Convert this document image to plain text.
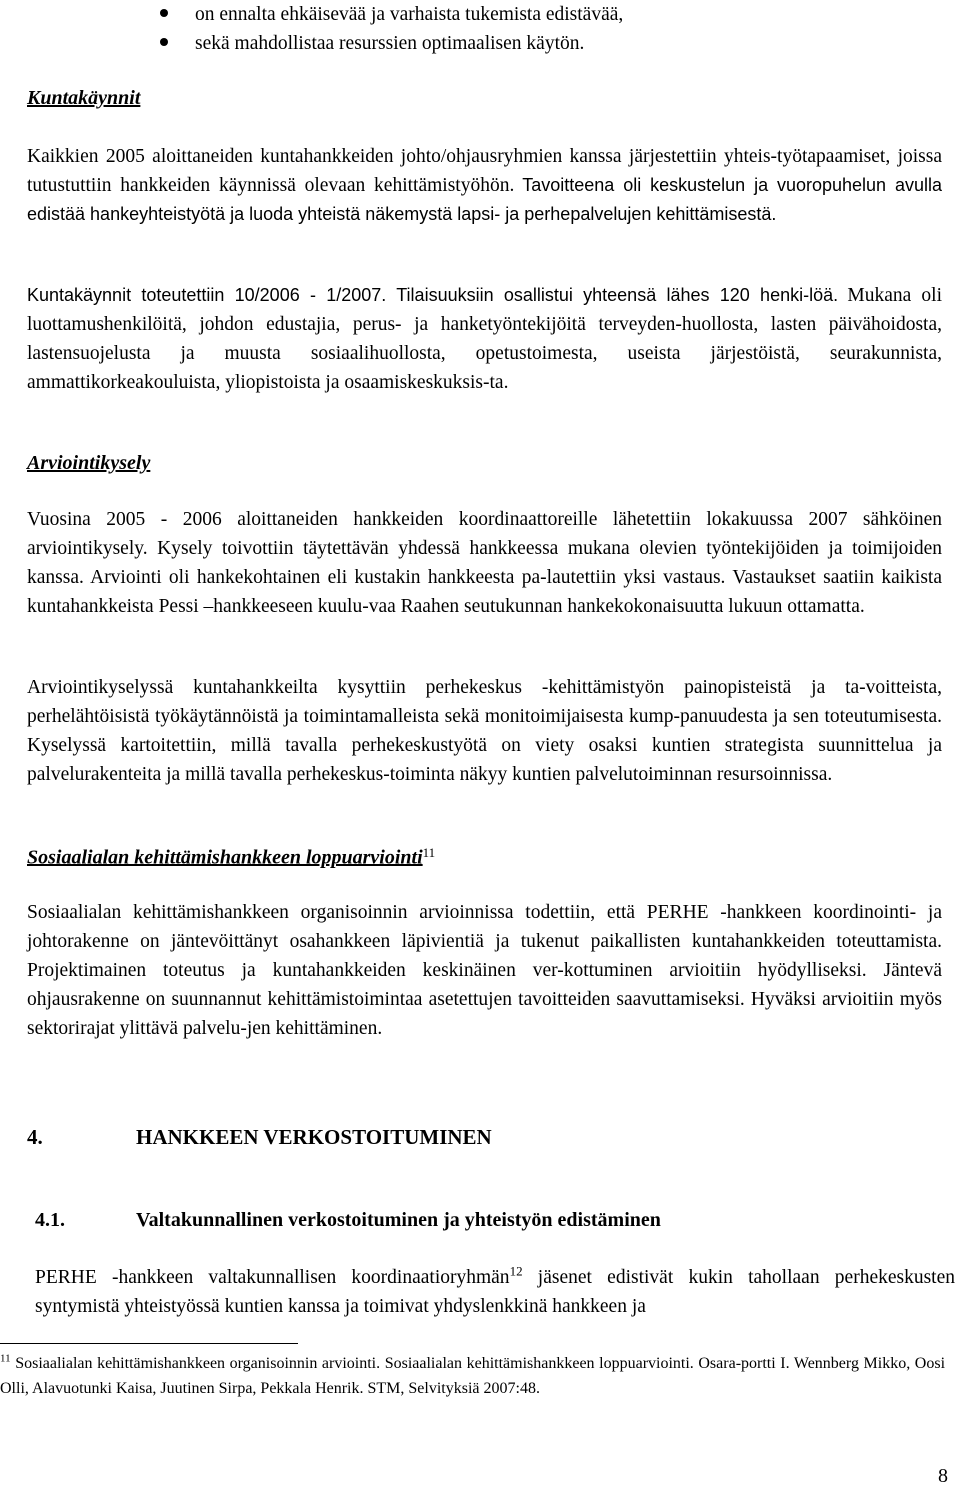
on ennalta ehkäisevää ja varhaista tukemista edistävää,
sekä mahdollistaa resurssien optimaalisen käytön.
Kuntakäynnit

Kaikkien 2005 aloittaneiden kuntahankkeiden johto/ohjausryhmien kanssa järjestettiin yhteis-työtapaamiset, joissa tutustuttiin hankkeiden käynnissä olevaan kehittämistyöhön. Tavoitteena oli keskustelun ja vuoropuhelun avulla edistää hankeyhteistyötä ja luoda yhteistä näkemystä lapsi- ja perhepalvelujen kehittämisestä.

Kuntakäynnit toteutettiin 10/2006 - 1/2007. Tilaisuuksiin osallistui yhteensä lähes 120 henki-löä. Mukana oli luottamushenkilöitä, johdon edustajia, perus- ja hanketyöntekijöitä terveyden-huollosta, lasten päivähoidosta, lastensuojelusta ja muusta sosiaalihuollosta, opetustoimesta, useista järjestöistä, seurakunnista, ammattikorkeakouluista, yliopistoista ja osaamiskeskuksis-ta.

Arviointikysely

Vuosina 2005 - 2006 aloittaneiden hankkeiden koordinaattoreille lähetettiin lokakuussa 2007 sähköinen arviointikysely. Kysely toivottiin täytettävän yhdessä hankkeessa mukana olevien työntekijöiden ja toimijoiden kanssa. Arviointi oli hankekohtainen eli kustakin hankkeesta pa-lautettiin yksi vastaus. Vastaukset saatiin kaikista kuntahankkeista Pessi –hankkeeseen kuulu-vaa Raahen seutukunnan hankekokonaisuutta lukuun ottamatta.

Arviointikyselyssä kuntahankkeilta kysyttiin perhekeskus -kehittämistyön painopisteistä ja ta-voitteista, perhelähtöisistä työkäytännöistä ja toimintamalleista sekä monitoimijaisesta kump-panuudesta ja sen toteutumisesta. Kyselyssä kartoitettiin, millä tavalla perhekeskustyötä on viety osaksi kuntien strategista suunnittelua ja palvelurakenteita ja millä tavalla perhekeskus-toiminta näkyy kuntien palvelutoiminnan resursoinnissa.

Sosiaalialan kehittämishankkeen loppuarviointi$^{11}$

Sosiaalialan kehittämishankkeen organisoinnin arvioinnissa todettiin, että PERHE -hankkeen koordinointi- ja johtorakenne on jäntevöittänyt osahankkeen läpivientiä ja tukenut paikallisten kuntahankkeiden toteuttamista. Projektimainen toteutus ja kuntahankkeiden keskinäinen ver-kottuminen arvioitiin hyödylliseksi. Jäntevä ohjausrakenne on suunnannut kehittämistoimintaa asetettujen tavoitteiden saavuttamiseksi. Hyväksi arvioitiin myös sektorirajat ylittävä palvelu-jen kehittäminen.

4.	HANKKEEN VERKOSTOITUMINEN
4.1.	Valtakunnallinen verkostoituminen ja yhteistyön edistäminen

PERHE -hankkeen valtakunnallisen koordinaatioryhmän$^{12}$ jäsenet edistivät kukin tahollaan perhekeskusten syntymistä yhteistyössä kuntien kanssa ja toimivat yhdyslenkkinä hankkeen ja

$^{11}$ Sosiaalialan kehittämishankkeen organisoinnin arviointi. Sosiaalialan kehittämishankkeen loppuarviointi. Osara-portti I. Wennberg Mikko, Oosi Olli, Alavuotunki Kaisa, Juutinen Sirpa, Pekkala Henrik. STM, Selvityksiä 2007:48.

8
